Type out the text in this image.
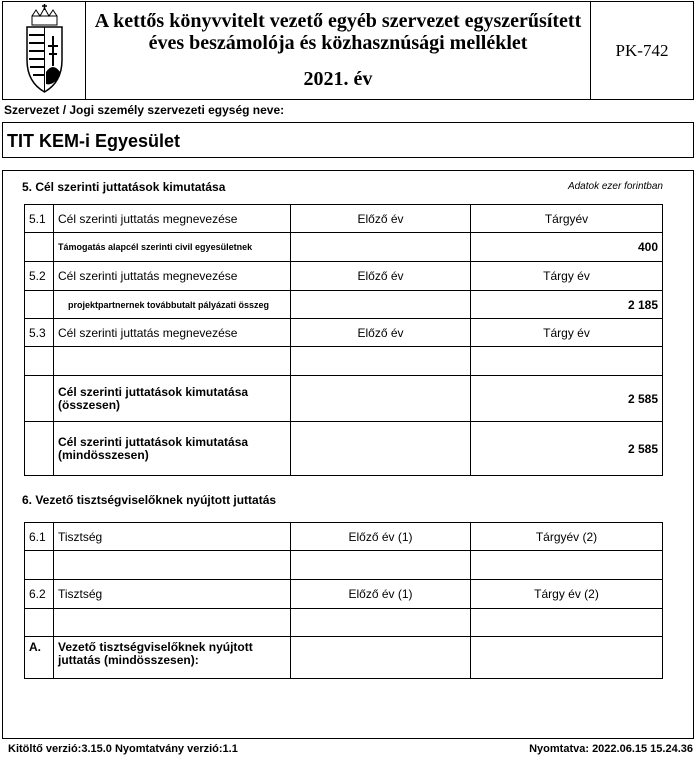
A kettős könyvvitelt vezető egyéb szervezet egyszerűsített
éves beszámolója és közhasznúsági melléklet
2021. év
PK-742
Szervezet / Jogi személy szervezeti egység neve:
TIT KEM-i Egyesület
5. Cél szerinti juttatások kimutatása	Adatok ezer forintban
5.1	Cél szerinti juttatás megnevezése	Előző év	Tárgyév
	Támogatás alapcél szerinti civil egyesületnek		400
5.2	Cél szerinti juttatás megnevezése	Előző év	Tárgy év
	projektpartnernek továbbutalt pályázati összeg		2 185
5.3	Cél szerinti juttatás megnevezése	Előző év	Tárgy év

	Cél szerinti juttatások kimutatása (összesen)		2 585
	Cél szerinti juttatások kimutatása (mindösszesen)		2 585
6. Vezető tisztségviselőknek nyújtott juttatás
6.1	Tisztség	Előző év (1)	Tárgyév (2)

6.2	Tisztség	Előző év (1)	Tárgy év (2)

A.	Vezető tisztségviselőknek nyújtott juttatás (mindösszesen):		
Kitöltő verzió:3.15.0 Nyomtatvány verzió:1.1	Nyomtatva: 2022.06.15 15.24.36
